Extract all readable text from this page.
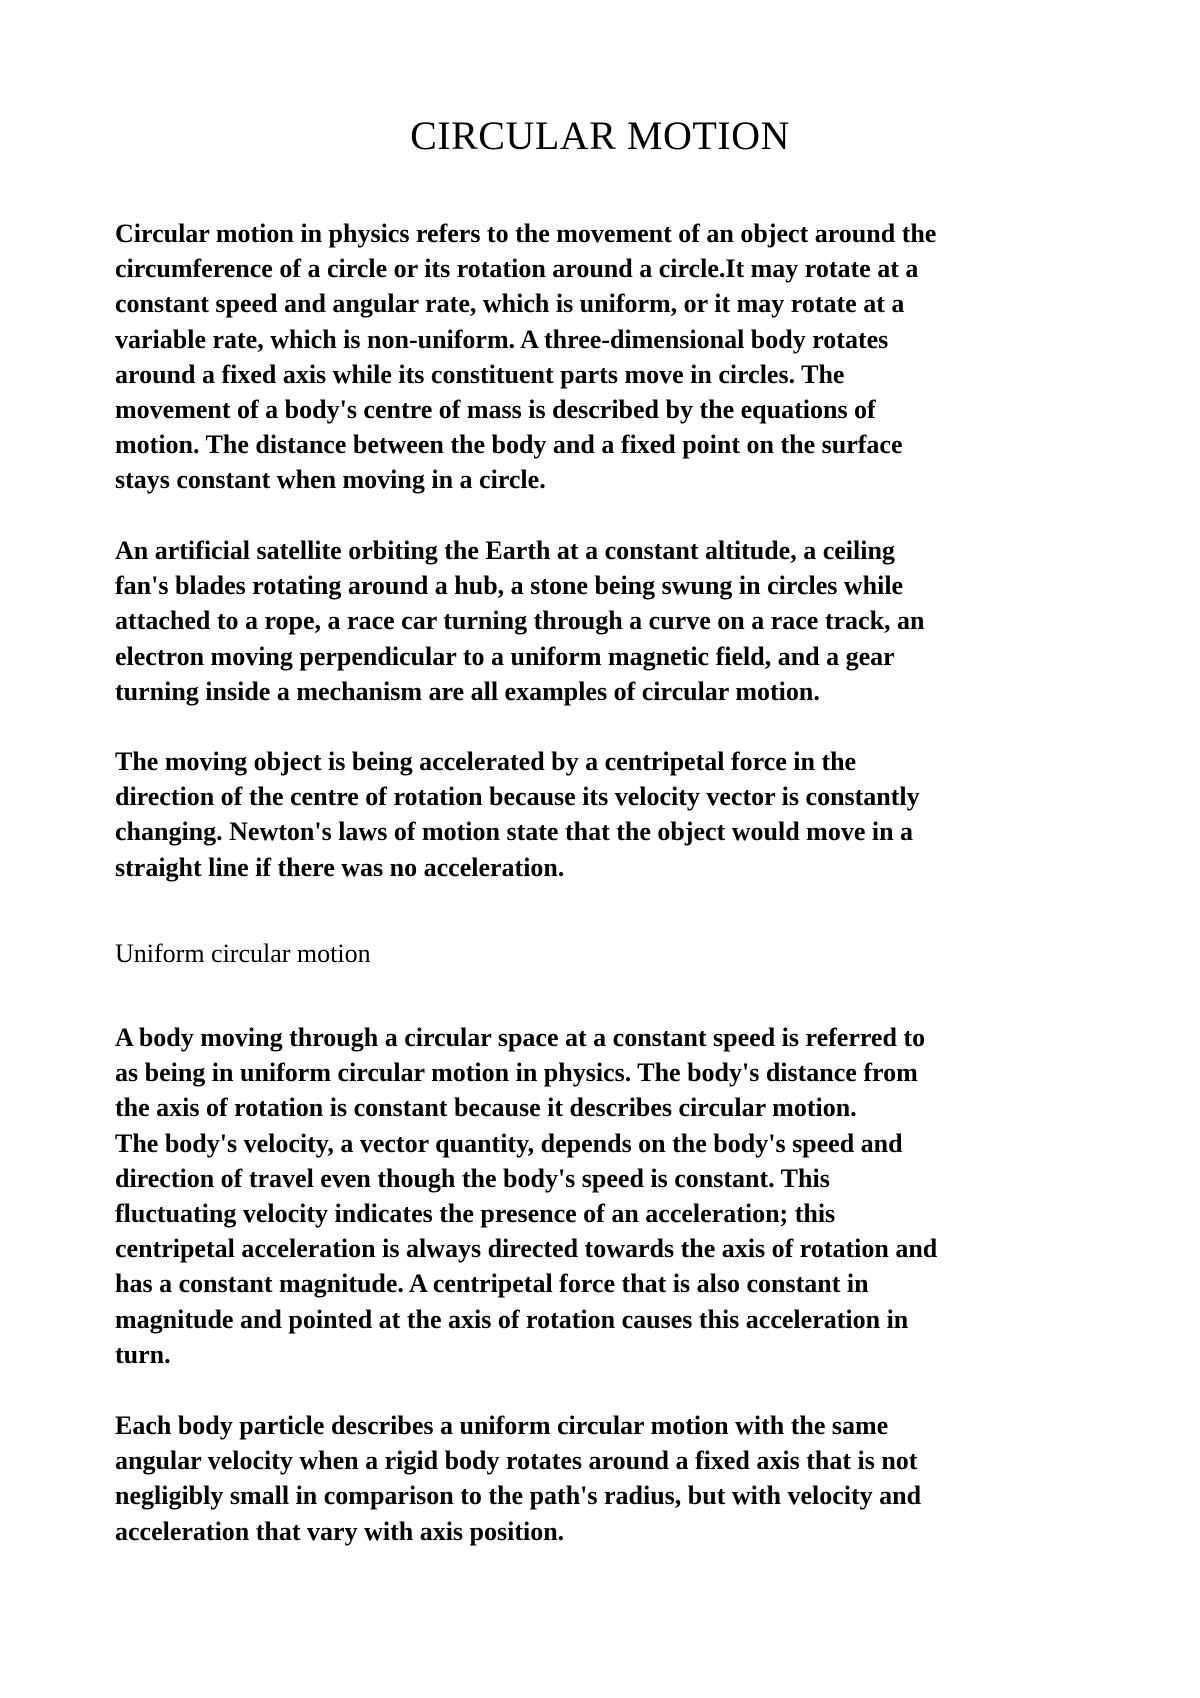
CIRCULAR MOTION

Circular motion in physics refers to the movement of an object around the
circumference of a circle or its rotation around a circle.It may rotate at a
constant speed and angular rate, which is uniform, or it may rotate at a
variable rate, which is non-uniform. A three-dimensional body rotates
around a fixed axis while its constituent parts move in circles. The
movement of a body's centre of mass is described by the equations of
motion. The distance between the body and a fixed point on the surface
stays constant when moving in a circle.

An artificial satellite orbiting the Earth at a constant altitude, a ceiling
fan's blades rotating around a hub, a stone being swung in circles while
attached to a rope, a race car turning through a curve on a race track, an
electron moving perpendicular to a uniform magnetic field, and a gear
turning inside a mechanism are all examples of circular motion.

The moving object is being accelerated by a centripetal force in the
direction of the centre of rotation because its velocity vector is constantly
changing. Newton's laws of motion state that the object would move in a
straight line if there was no acceleration.

Uniform circular motion

A body moving through a circular space at a constant speed is referred to
as being in uniform circular motion in physics. The body's distance from
the axis of rotation is constant because it describes circular motion.
The body's velocity, a vector quantity, depends on the body's speed and
direction of travel even though the body's speed is constant. This
fluctuating velocity indicates the presence of an acceleration; this
centripetal acceleration is always directed towards the axis of rotation and
has a constant magnitude. A centripetal force that is also constant in
magnitude and pointed at the axis of rotation causes this acceleration in
turn.

Each body particle describes a uniform circular motion with the same
angular velocity when a rigid body rotates around a fixed axis that is not
negligibly small in comparison to the path's radius, but with velocity and
acceleration that vary with axis position.
